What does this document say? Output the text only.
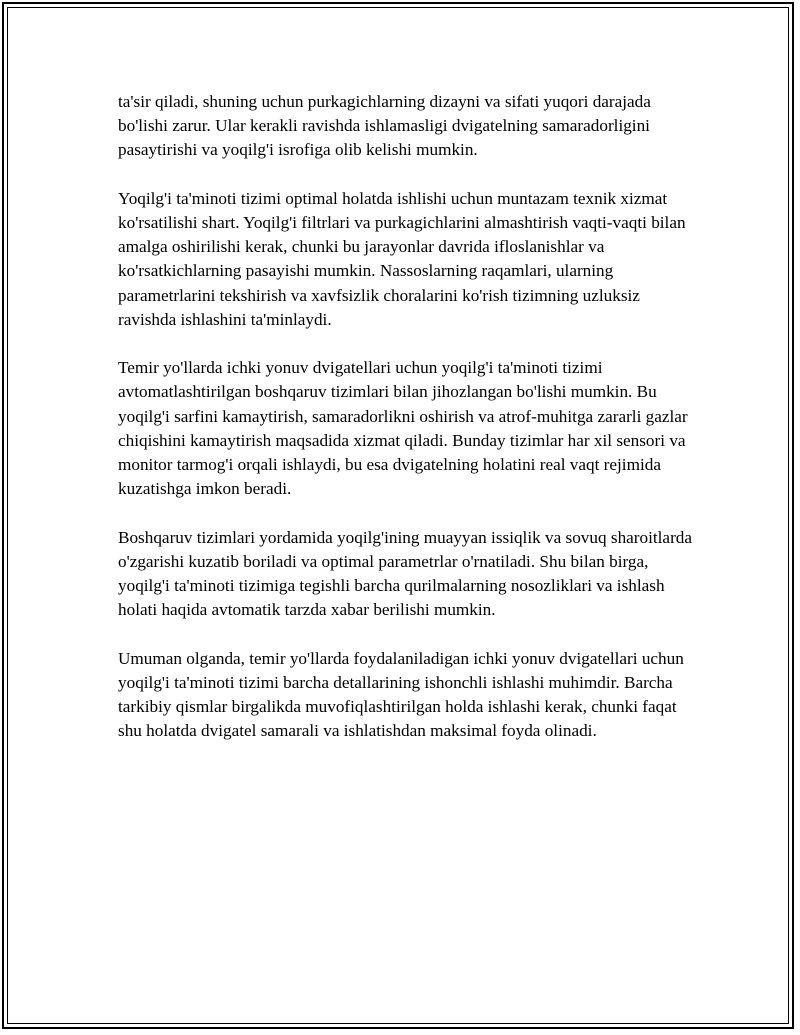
ta'sir qiladi, shuning uchun purkagichlarning dizayni va sifati yuqori darajada bo'lishi zarur. Ular kerakli ravishda ishlamasligi dvigatelning samaradorligini pasaytirishi va yoqilg'i isrofiga olib kelishi mumkin.

Yoqilg'i ta'minoti tizimi optimal holatda ishlishi uchun muntazam texnik xizmat ko'rsatilishi shart. Yoqilg'i filtrlari va purkagichlarini almashtirish vaqti-vaqti bilan amalga oshirilishi kerak, chunki bu jarayonlar davrida ifloslanishlar va ko'rsatkichlarning pasayishi mumkin. Nassoslarning raqamlari, ularning parametrlarini tekshirish va xavfsizlik choralarini ko'rish tizimning uzluksiz ravishda ishlashini ta'minlaydi.

Temir yo'llarda ichki yonuv dvigatellari uchun yoqilg'i ta'minoti tizimi avtomatlashtirilgan boshqaruv tizimlari bilan jihozlangan bo'lishi mumkin. Bu yoqilg'i sarfini kamaytirish, samaradorlikni oshirish va atrof-muhitga zararli gazlar chiqishini kamaytirish maqsadida xizmat qiladi. Bunday tizimlar har xil sensori va monitor tarmog'i orqali ishlaydi, bu esa dvigatelning holatini real vaqt rejimida kuzatishga imkon beradi.

Boshqaruv tizimlari yordamida yoqilg'ining muayyan issiqlik va sovuq sharoitlarda o'zgarishi kuzatib boriladi va optimal parametrlar o'rnatiladi. Shu bilan birga, yoqilg'i ta'minoti tizimiga tegishli barcha qurilmalarning nosozliklari va ishlash holati haqida avtomatik tarzda xabar berilishi mumkin.

Umuman olganda, temir yo'llarda foydalaniladigan ichki yonuv dvigatellari uchun yoqilg'i ta'minoti tizimi barcha detallarining ishonchli ishlashi muhimdir. Barcha tarkibiy qismlar birgalikda muvofiqlashtirilgan holda ishlashi kerak, chunki faqat shu holatda dvigatel samarali va ishlatishdan maksimal foyda olinadi.
